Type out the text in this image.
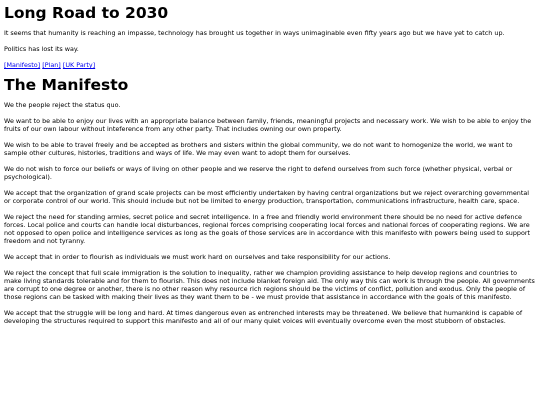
Long Road to 2030

It seems that humanity is reaching an impasse, technology has brought us together in ways unimaginable even fifty years ago but we have yet to catch up.

Politics has lost its way.

[Manifesto] [Plan] [UK Party]

The Manifesto

We the people reject the status quo.

We want to be able to enjoy our lives with an appropriate balance between family, friends, meaningful projects and necessary work. We wish to be able to enjoy the fruits of our own labour without inteference from any other party. That includes owning our own property.

We wish to be able to travel freely and be accepted as brothers and sisters within the global community, we do not want to homogenize the world, we want to sample other cultures, histories, traditions and ways of life. We may even want to adopt them for ourselves.

We do not wish to force our beliefs or ways of living on other people and we reserve the right to defend ourselves from such force (whether physical, verbal or psychological).

We accept that the organization of grand scale projects can be most efficiently undertaken by having central organizations but we reject overarching governmental or corporate control of our world. This should include but not be limited to energy production, transportation, communications infrastructure, health care, space.

We reject the need for standing armies, secret police and secret intelligence. In a free and friendly world environment there should be no need for active defence forces. Local police and courts can handle local disturbances, regional forces comprising cooperating local forces and national forces of cooperating regions. We are not opposed to open police and intelligence services as long as the goals of those services are in accordance with this manifesto with powers being used to support freedom and not tyranny.

We accept that in order to flourish as individuals we must work hard on ourselves and take responsibility for our actions.

We reject the concept that full scale immigration is the solution to inequality, rather we champion providing assistance to help develop regions and countries to make living standards tolerable and for them to flourish. This does not include blanket foreign aid. The only way this can work is through the people. All governments are corrupt to one degree or another, there is no other reason why resource rich regions should be the victims of conflict, pollution and exodus. Only the people of those regions can be tasked with making their lives as they want them to be - we must provide that assistance in accordance with the goals of this manifesto.

We accept that the struggle will be long and hard. At times dangerous even as entrenched interests may be threatened. We believe that humankind is capable of developing the structures required to support this manifesto and all of our many quiet voices will eventually overcome even the most stubborn of obstacles.
